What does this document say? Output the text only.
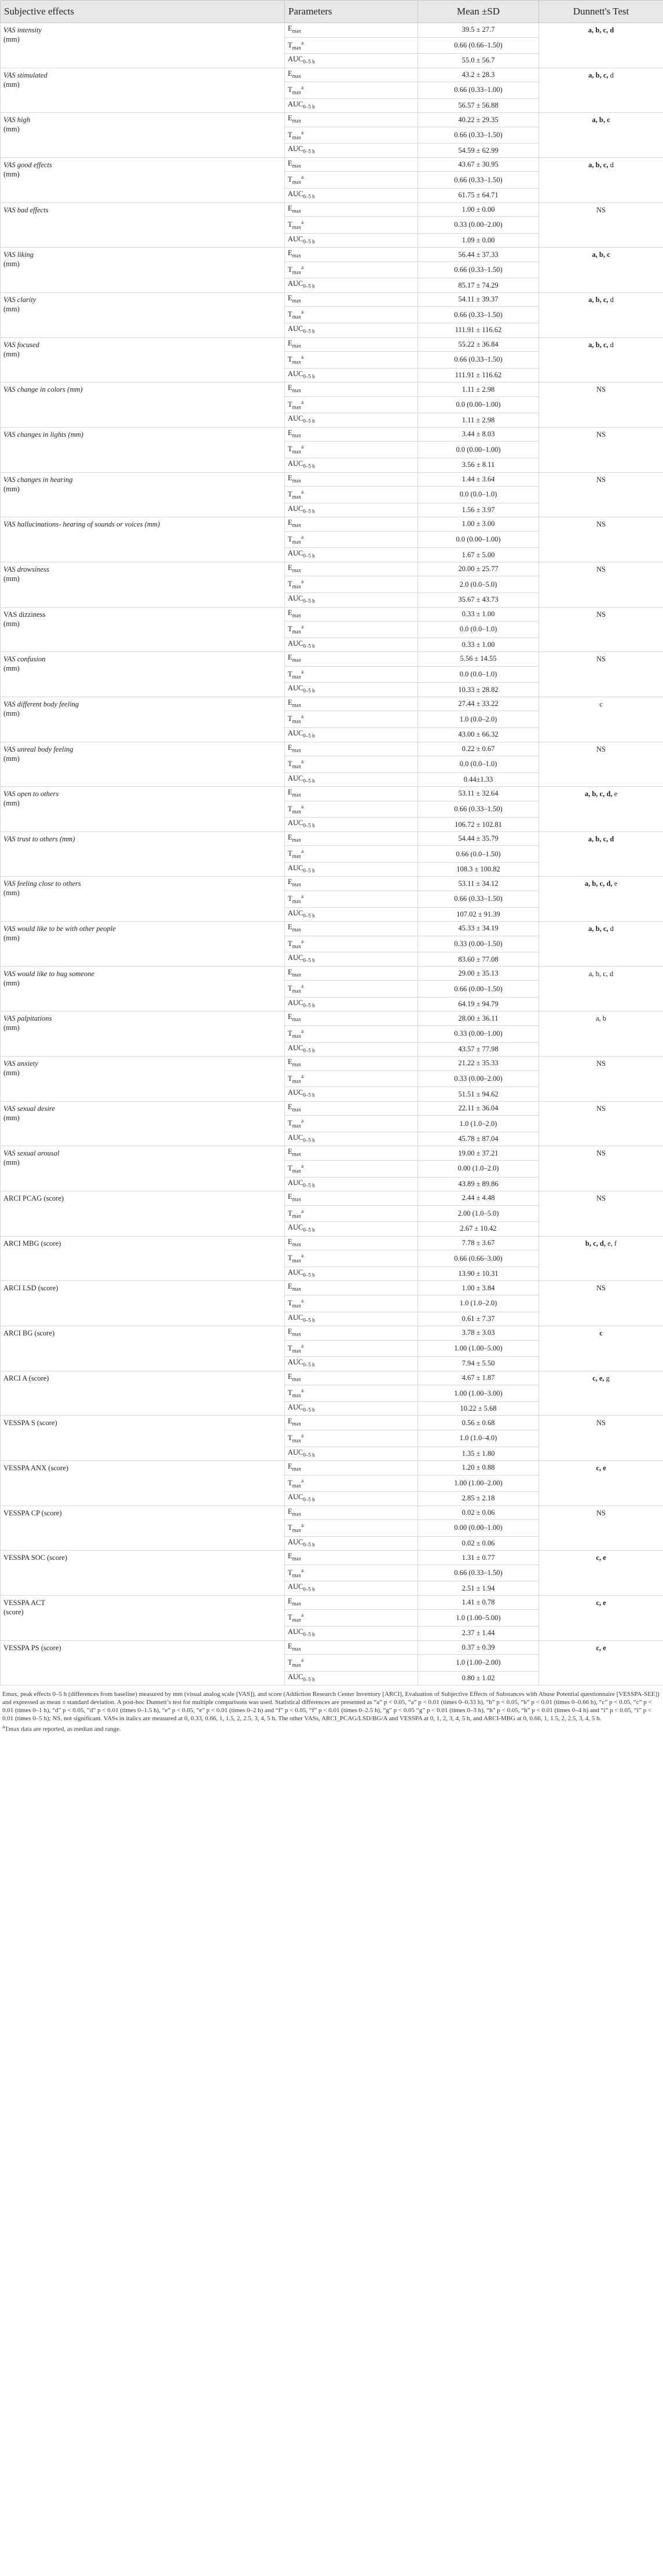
Subjective effects	Parameters	Mean ±SD	Dunnett's Test
VAS intensity
(mm)	$E_{max}$	39.5 ± 27.7	a, b, c, d
	$T_{max}^a$	0.66 (0.66–1.50)	
	$AUC_{0-5 h}$	55.0 ± 56.7	
VAS stimulated
(mm)	$E_{max}$	43.2 ± 28.3	a, b, c, d
	$T_{max}^a$	0.66 (0.33–1.00)	
	$AUC_{0-5 h}$	56.57 ± 56.88	
VAS high
(mm)	$E_{max}$	40.22 ± 29.35	a, b, c
	$T_{max}^a$	0.66 (0.33–1.50)	
	$AUC_{0-5 h}$	54.59 ± 62.99	
VAS good effects
(mm)	$E_{max}$	43.67 ± 30.95	a, b, c, d
	$T_{max}^a$	0.66 (0.33–1.50)	
	$AUC_{0-5 h}$	61.75 ± 64.71	
VAS bad effects	$E_{max}$	1.00 ± 0.00	NS
	$T_{max}^a$	0.33 (0.00–2.00)	
	$AUC_{0-5 h}$	1.09 ± 0.00	
VAS liking
(mm)	$E_{max}$	56.44 ± 37.33	a, b, c
	$T_{max}^a$	0.66 (0.33–1.50)	
	$AUC_{0-5 h}$	85.17 ± 74.29	
VAS clarity
(mm)	$E_{max}$	54.11 ± 39.37	a, b, c, d
	$T_{max}^a$	0.66 (0.33–1.50)	
	$AUC_{0-5 h}$	111.91 ± 116.62	
VAS focused
(mm)	$E_{max}$	55.22 ± 36.84	a, b, c, d
	$T_{max}^a$	0.66 (0.33–1.50)	
	$AUC_{0-5 h}$	111.91 ± 116.62	
VAS change in colors (mm)	$E_{max}$	1.11 ± 2.98	NS
	$T_{max}^a$	0.0 (0.00–1.00)	
	$AUC_{0-5 h}$	1.11 ± 2.98	
VAS changes in lights (mm)	$E_{max}$	3.44 ± 8.03	NS
	$T_{max}^a$	0.0 (0.00–1.00)	
	$AUC_{0-5 h}$	3.56 ± 8.11	
VAS changes in hearing
(mm)	$E_{max}$	1.44 ± 3.64	NS
	$T_{max}^a$	0.0 (0.0–1.0)	
	$AUC_{0-5 h}$	1.56 ± 3.97	
VAS hallucinations- hearing of sounds or voices (mm)	$E_{max}$	1.00 ± 3.00	NS
	$T_{max}^a$	0.0 (0.00–1.00)	
	$AUC_{0-5 h}$	1.67 ± 5.00	
VAS drowsiness
(mm)	$E_{max}$	20.00 ± 25.77	NS
	$T_{max}^a$	2.0 (0.0–5.0)	
	$AUC_{0-5 h}$	35.67 ± 43.73	
VAS dizziness
(mm)	$E_{max}$	0.33 ± 1.00	NS
	$T_{max}^a$	0.0 (0.0–1.0)	
	$AUC_{0-5 h}$	0.33 ± 1.00	
VAS confusion
(mm)	$E_{max}$	5.56 ± 14.55	NS
	$T_{max}^a$	0.0 (0.0–1.0)	
	$AUC_{0-5 h}$	10.33 ± 28.82	
VAS different body feeling
(mm)	$E_{max}$	27.44 ± 33.22	c
	$T_{max}^a$	1.0 (0.0–2.0)	
	$AUC_{0-5 h}$	43.00 ± 66.32	
VAS unreal body feeling
(mm)	$E_{max}$	0.22 ± 0.67	NS
	$T_{max}^a$	0.0 (0.0–1.0)	
	$AUC_{0-5 h}$	0.44±1.33	
VAS open to others
(mm)	$E_{max}$	53.11 ± 32.64	a, b, c, d, e
	$T_{max}^a$	0.66 (0.33–1.50)	
	$AUC_{0-5 h}$	106.72 ± 102.81	
VAS trust to others (mm)	$E_{max}$	54.44 ± 35.79	a, b, c, d
	$T_{max}^a$	0.66 (0.0–1.50)	
	$AUC_{0-5 h}$	108.3 ± 100.82	
VAS feeling close to others
(mm)	$E_{max}$	53.11 ± 34.12	a, b, c, d, e
	$T_{max}^a$	0.66 (0.33–1.50)	
	$AUC_{0-5 h}$	107.02 ± 91.39	
VAS would like to be with other people
(mm)	$E_{max}$	45.33 ± 34.19	a, b, c, d
	$T_{max}^a$	0.33 (0.00–1.50)	
	$AUC_{0-5 h}$	83.60 ± 77.08	
VAS would like to hug someone
(mm)	$E_{max}$	29.00 ± 35.13	a, b, c, d
	$T_{max}^a$	0.66 (0.00–1.50)	
	$AUC_{0-5 h}$	64.19 ± 94.79	
VAS palpitations
(mm)	$E_{max}$	28.00 ± 36.11	a, b
	$T_{max}^a$	0.33 (0.00–1.00)	
	$AUC_{0-5 h}$	43.57 ± 77.98	
VAS anxiety
(mm)	$E_{max}$	21.22 ± 35.33	NS
	$T_{max}^a$	0.33 (0.00–2.00)	
	$AUC_{0-5 h}$	51.51 ± 94.62	
VAS sexual desire
(mm)	$E_{max}$	22.11 ± 36.04	NS
	$T_{max}^a$	1.0 (1.0–2.0)	
	$AUC_{0-5 h}$	45.78 ± 87.04	
VAS sexual arousal
(mm)	$E_{max}$	19.00 ± 37.21	NS
	$T_{max}^a$	0.00 (1.0–2.0)	
	$AUC_{0-5 h}$	43.89 ± 89.86	
ARCI PCAG (score)	$E_{max}$	2.44 ± 4.48	NS
	$T_{max}^a$	2.00 (1.0–5.0)	
	$AUC_{0-5 h}$	2.67 ± 10.42	
ARCI MBG (score)	$E_{max}$	7.78 ± 3.67	b, c, d, e, f
	$T_{max}^a$	0.66 (0.66–3.00)	
	$AUC_{0-5 h}$	13.90 ± 10.31	
ARCI LSD (score)	$E_{max}$	1.00 ± 3.84	NS
	$T_{max}^a$	1.0 (1.0–2.0)	
	$AUC_{0-5 h}$	0.61 ± 7.37	
ARCI BG (score)	$E_{max}$	3.78 ± 3.03	c
	$T_{max}^a$	1.00 (1.00–5.00)	
	$AUC_{0-5 h}$	7.94 ± 5.50	
ARCI A (score)	$E_{max}$	4.67 ± 1.87	c, e, g
	$T_{max}^a$	1.00 (1.00–3.00)	
	$AUC_{0-5 h}$	10.22 ± 5.68	
VESSPA S (score)	$E_{max}$	0.56 ± 0.68	NS
	$T_{max}^a$	1.0 (1.0–4.0)	
	$AUC_{0-5 h}$	1.35 ± 1.80	
VESSPA ANX (score)	$E_{max}$	1.20 ± 0.88	c, e
	$T_{max}^a$	1.00 (1.00–2.00)	
	$AUC_{0-5 h}$	2.85 ± 2.18	
VESSPA CP (score)	$E_{max}$	0.02 ± 0.06	NS
	$T_{max}^a$	0.00 (0.00–1.00)	
	$AUC_{0-5 h}$	0.02 ± 0.06	
VESSPA SOC (score)	$E_{max}$	1.31 ± 0.77	c, e
	$T_{max}^a$	0.66 (0.33–1.50)	
	$AUC_{0-5 h}$	2.51 ± 1.94	
VESSPA ACT
(score)	$E_{max}$	1.41 ± 0.78	c, e
	$T_{max}^a$	1.0 (1.00–5.00)	
	$AUC_{0-5 h}$	2.37 ± 1.44	
VESSPA PS (score)	$E_{max}$	0.37 ± 0.39	c, e
	$T_{max}^a$	1.0 (1.00–2.00)	
	$AUC_{0-5 h}$	0.80 ± 1.02	

Emax, peak effects 0–5 h (differences from baseline) measured by mm (visual analog scale [VAS]), and score (Addiction Research Center Inventory [ARCI], Evaluation of Subjective Effects of Substances with Abuse Potential questionnaire [VESSPA-SEE]) and expressed as mean ± standard deviation. A post-hoc Dunnett’s test for multiple comparisons was used. Statistical differences are presented as “a” p < 0.05, “a” p < 0.01 (times 0–0.33 h), “b” p < 0.05, “b” p < 0.01 (times 0–0.66 h), “c” p < 0.05, “c” p < 0.01 (times 0–1 h), “d” p < 0.05, “d” p < 0.01 (times 0–1.5 h), “e” p < 0.05, “e” p < 0.01 (times 0–2 h) and “f” p < 0.05, “f” p < 0.01 (times 0–2.5 h), “g” p < 0.05 “g” p < 0.01 (times 0–3 h), “h” p < 0.05, “h” p < 0.01 (times 0–4 h) and “i” p < 0.05, “i” p < 0.01 (times 0–5 h); NS, not significant. VASs in italics are measured at 0, 0.33, 0.66, 1, 1.5, 2, 2.5, 3, 4, 5 h. The other VASs, ARCI_PCAG/LSD/BG/A and VESSPA at 0, 1, 2, 3, 4, 5 h, and ARCI-MBG at 0, 0.66, 1, 1.5, 2, 2.5, 3, 4, 5 h.

$^a$Tmax data are reported, as median and range.
